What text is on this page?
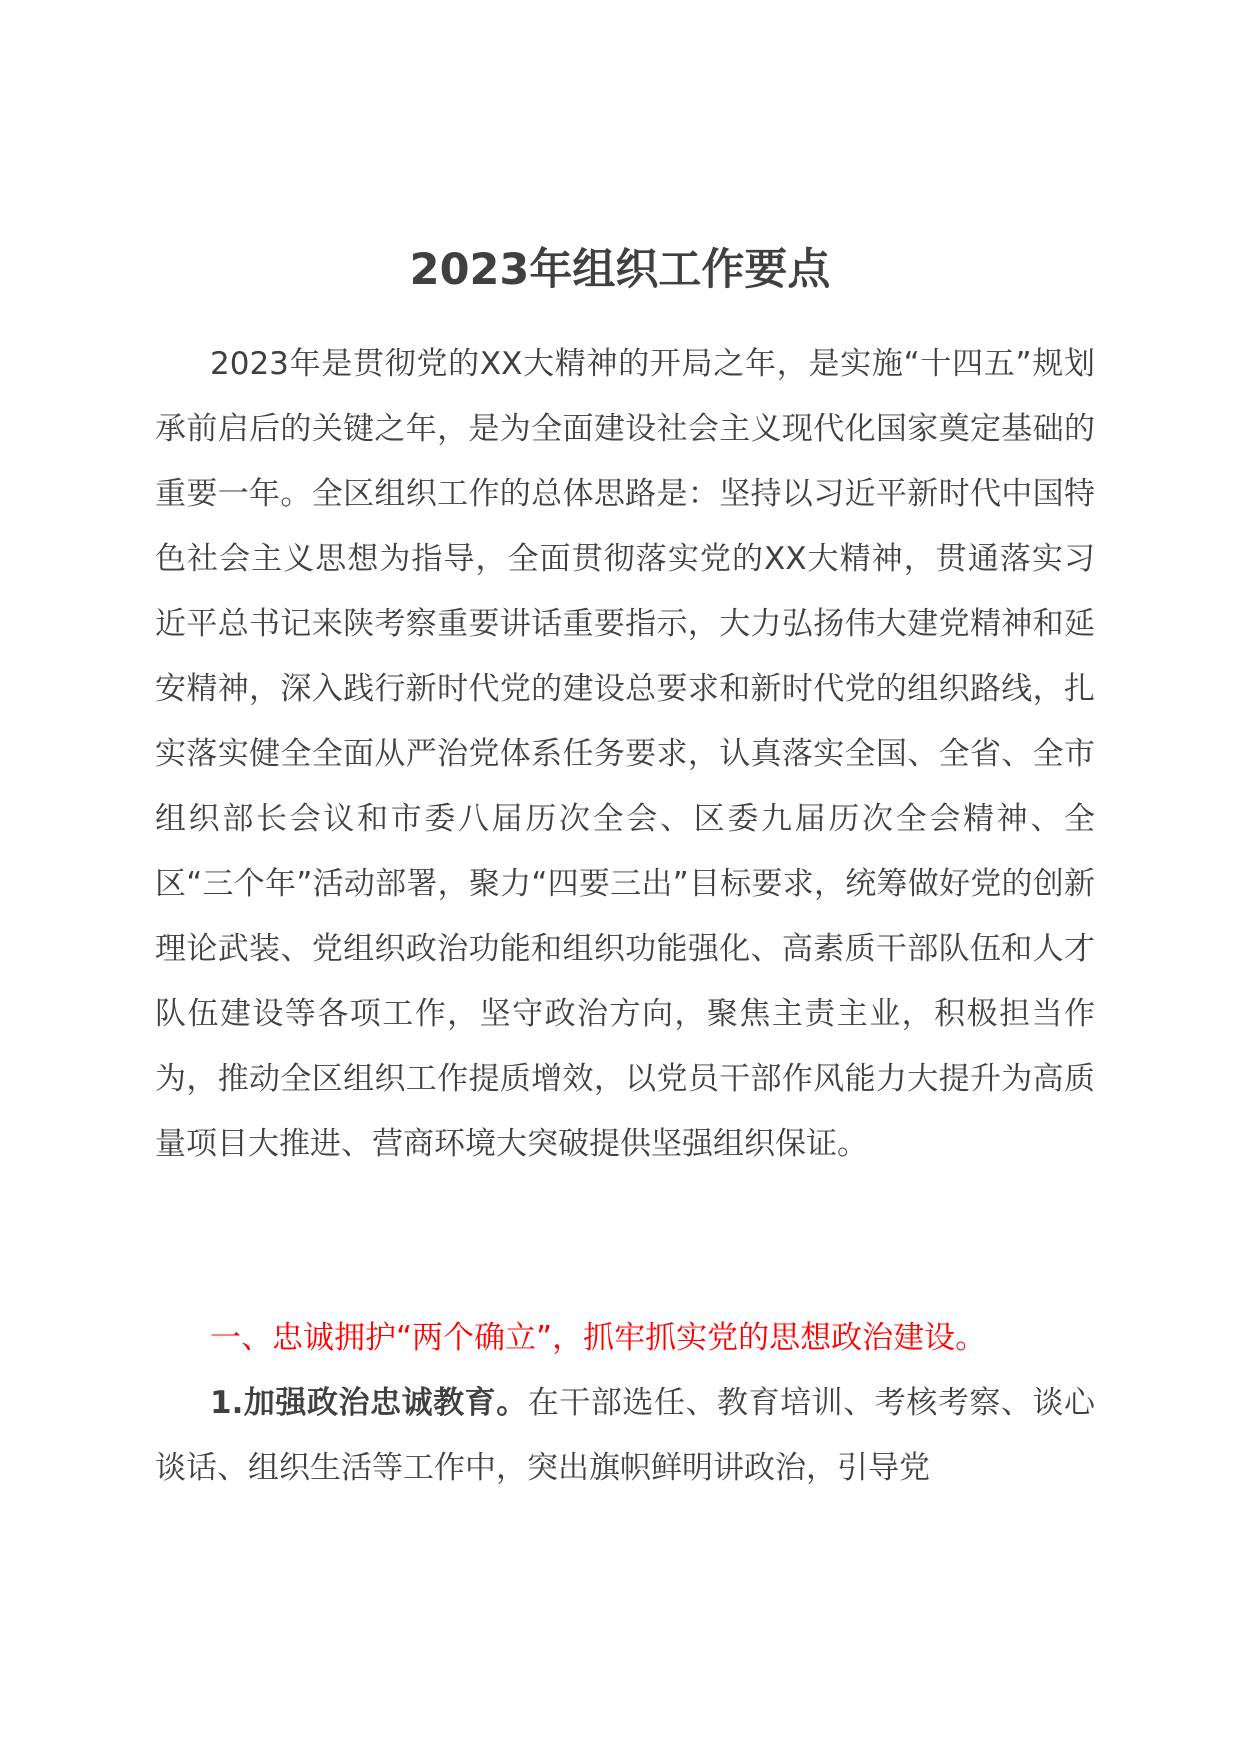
2023年组织工作要点

2023年是贯彻党的XX大精神的开局之年，是实施“十四五”规划承前启后的关键之年，是为全面建设社会主义现代化国家奠定基础的重要一年。全区组织工作的总体思路是：坚持以习近平新时代中国特色社会主义思想为指导，全面贯彻落实党的XX大精神，贯通落实习近平总书记来陕考察重要讲话重要指示，大力弘扬伟大建党精神和延安精神，深入践行新时代党的建设总要求和新时代党的组织路线，扎实落实健全全面从严治党体系任务要求，认真落实全国、全省、全市组织部长会议和市委八届历次全会、区委九届历次全会精神、全区“三个年”活动部署，聚力“四要三出”目标要求，统筹做好党的创新理论武装、党组织政治功能和组织功能强化、高素质干部队伍和人才队伍建设等各项工作，坚守政治方向，聚焦主责主业，积极担当作为，推动全区组织工作提质增效，以党员干部作风能力大提升为高质量项目大推进、营商环境大突破提供坚强组织保证。

一、忠诚拥护“两个确立”，抓牢抓实党的思想政治建设。

1.加强政治忠诚教育。在干部选任、教育培训、考核考察、谈心谈话、组织生活等工作中，突出旗帜鲜明讲政治，引导党
